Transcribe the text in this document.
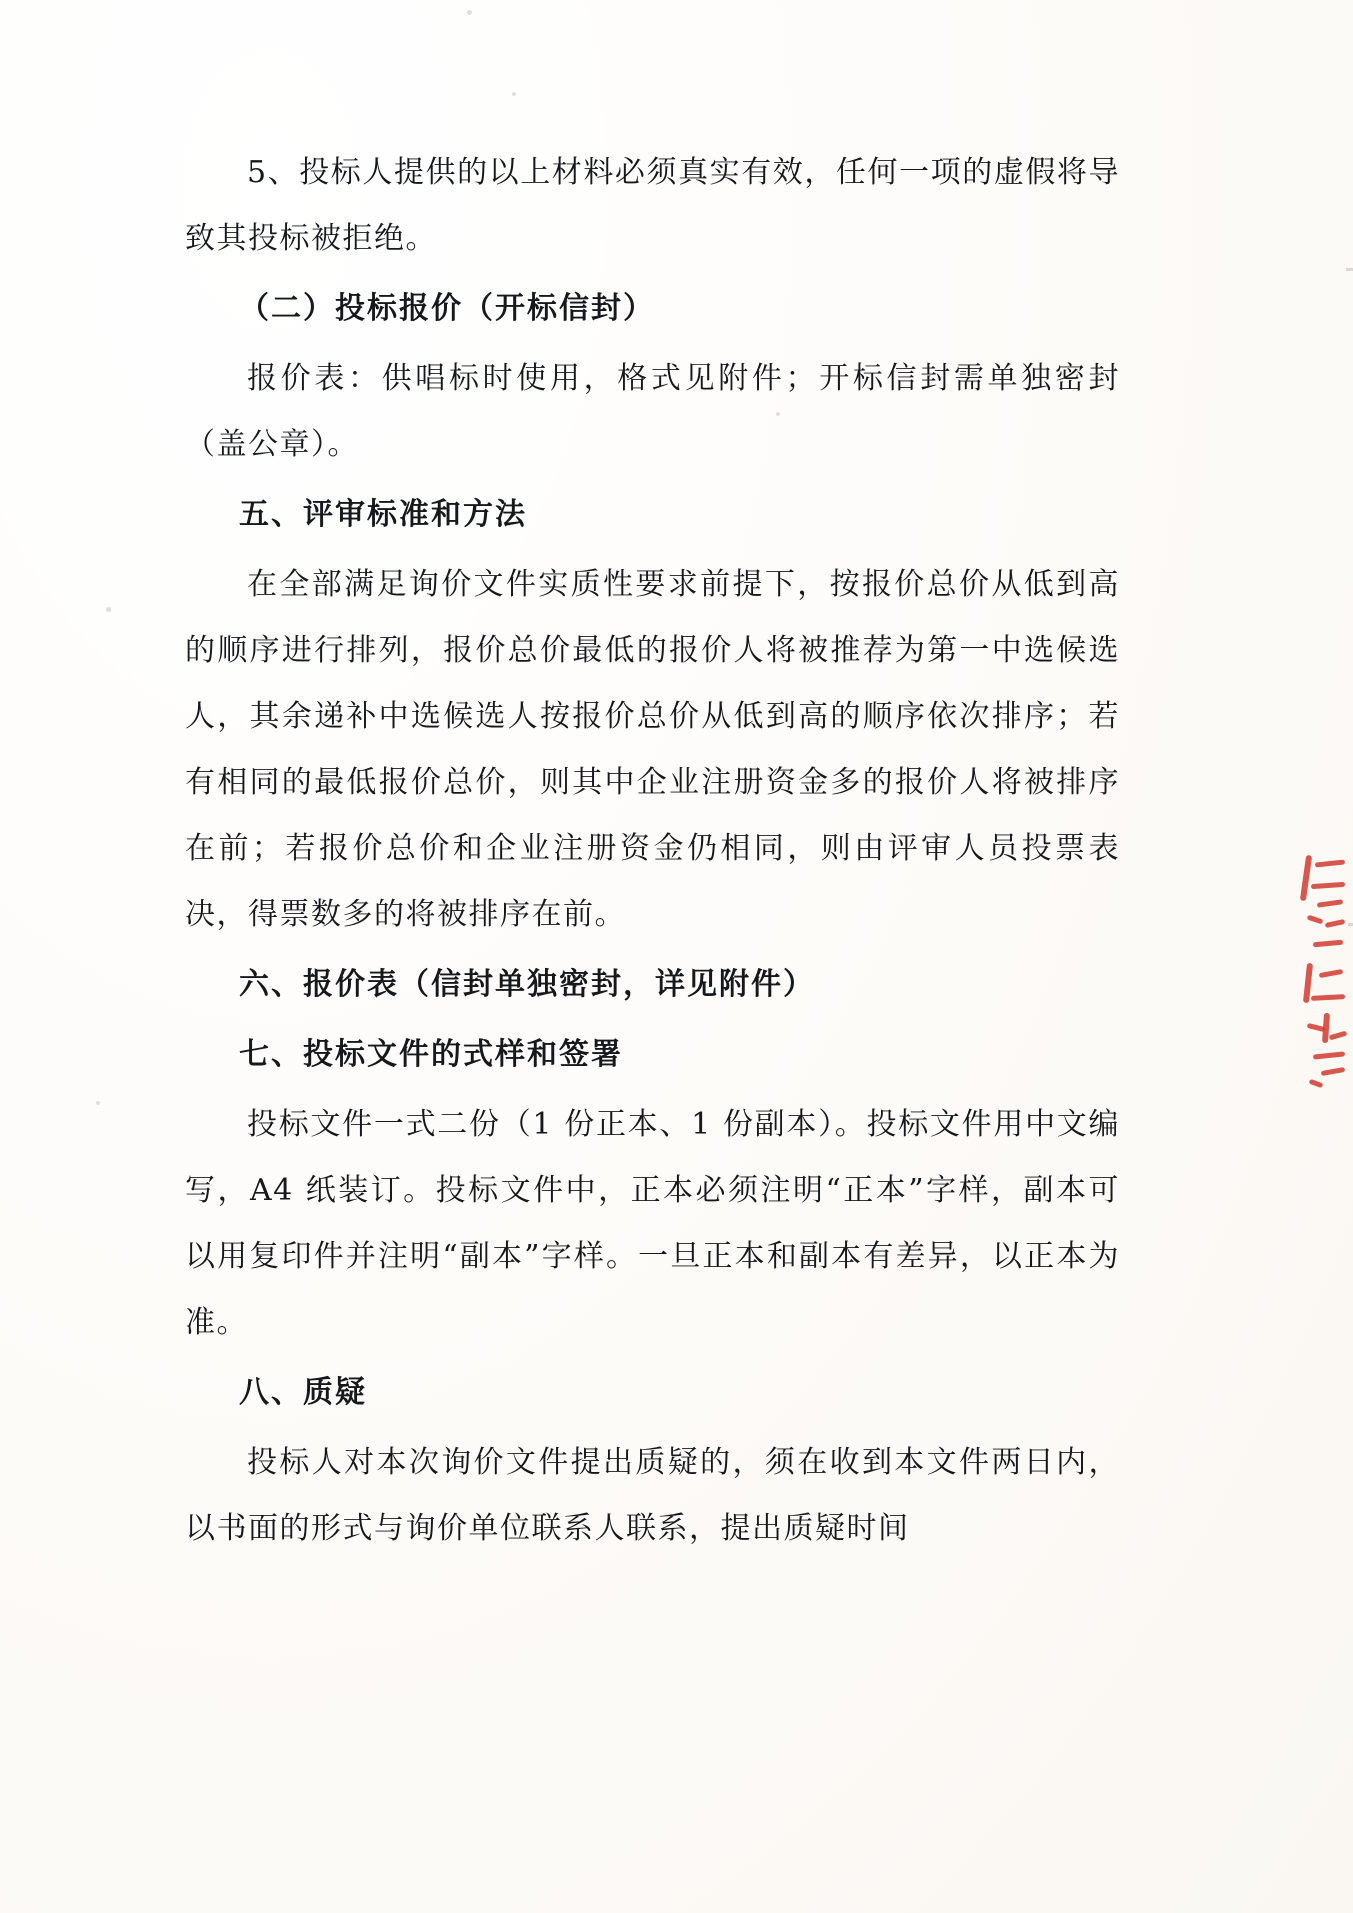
5、投标人提供的以上材料必须真实有效，任何一项的虚假将导致其投标被拒绝。

（二）投标报价（开标信封）

报价表：供唱标时使用，格式见附件；开标信封需单独密封（盖公章）。

五、评审标准和方法

在全部满足询价文件实质性要求前提下，按报价总价从低到高的顺序进行排列，报价总价最低的报价人将被推荐为第一中选候选人，其余递补中选候选人按报价总价从低到高的顺序依次排序；若有相同的最低报价总价，则其中企业注册资金多的报价人将被排序在前；若报价总价和企业注册资金仍相同，则由评审人员投票表决，得票数多的将被排序在前。

六、报价表（信封单独密封，详见附件）

七、投标文件的式样和签署

投标文件一式二份（1 份正本、1 份副本）。投标文件用中文编写，A4 纸装订。投标文件中，正本必须注明“正本”字样，副本可以用复印件并注明“副本”字样。一旦正本和副本有差异，以正本为准。

八、质疑

投标人对本次询价文件提出质疑的，须在收到本文件两日内，以书面的形式与询价单位联系人联系，提出质疑时间
